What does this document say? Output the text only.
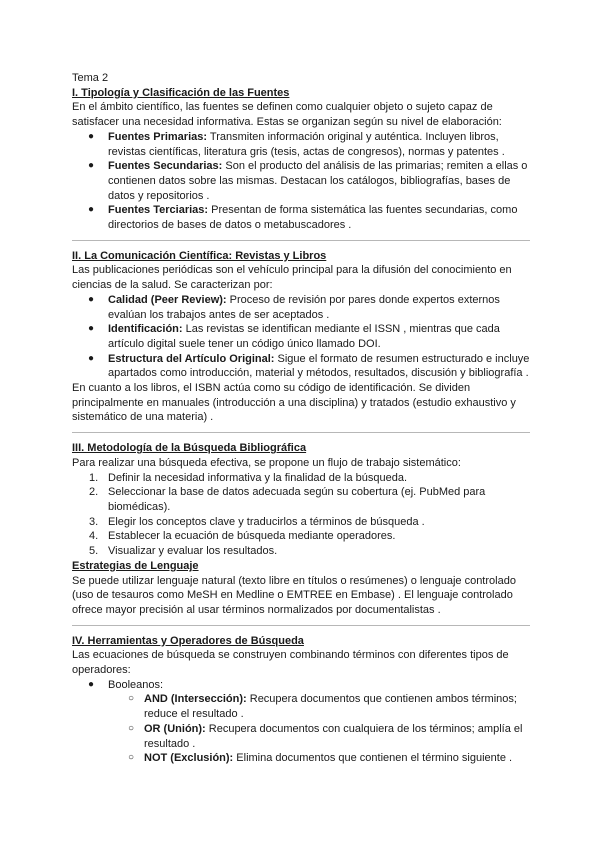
Tema 2

I. Tipología y Clasificación de las Fuentes

En el ámbito científico, las fuentes se definen como cualquier objeto o sujeto capaz de satisfacer una necesidad informativa. Estas se organizan según su nivel de elaboración:

● Fuentes Primarias: Transmiten información original y auténtica. Incluyen libros, revistas científicas, literatura gris (tesis, actas de congresos), normas y patentes .
● Fuentes Secundarias: Son el producto del análisis de las primarias; remiten a ellas o contienen datos sobre las mismas. Destacan los catálogos, bibliografías, bases de datos y repositorios .
● Fuentes Terciarias: Presentan de forma sistemática las fuentes secundarias, como directorios de bases de datos o metabuscadores .
II. La Comunicación Científica: Revistas y Libros

Las publicaciones periódicas son el vehículo principal para la difusión del conocimiento en ciencias de la salud. Se caracterizan por:

● Calidad (Peer Review): Proceso de revisión por pares donde expertos externos evalúan los trabajos antes de ser aceptados .
● Identificación: Las revistas se identifican mediante el ISSN , mientras que cada artículo digital suele tener un código único llamado DOI.
● Estructura del Artículo Original: Sigue el formato de resumen estructurado e incluye apartados como introducción, material y métodos, resultados, discusión y bibliografía .

En cuanto a los libros, el ISBN actúa como su código de identificación. Se dividen principalmente en manuales (introducción a una disciplina) y tratados (estudio exhaustivo y sistemático de una materia) .

III. Metodología de la Búsqueda Bibliográfica

Para realizar una búsqueda efectiva, se propone un flujo de trabajo sistemático:

1. Definir la necesidad informativa y la finalidad de la búsqueda.
2. Seleccionar la base de datos adecuada según su cobertura (ej. PubMed para biomédicas).
3. Elegir los conceptos clave y traducirlos a términos de búsqueda .
4. Establecer la ecuación de búsqueda mediante operadores.
5. Visualizar y evaluar los resultados.

Estrategias de Lenguaje

Se puede utilizar lenguaje natural (texto libre en títulos o resúmenes) o lenguaje controlado (uso de tesauros como MeSH en Medline o EMTREE en Embase) . El lenguaje controlado ofrece mayor precisión al usar términos normalizados por documentalistas .

IV. Herramientas y Operadores de Búsqueda

Las ecuaciones de búsqueda se construyen combinando términos con diferentes tipos de operadores:

● Booleanos:
○ AND (Intersección): Recupera documentos que contienen ambos términos; reduce el resultado .
○ OR (Unión): Recupera documentos con cualquiera de los términos; amplía el resultado .
○ NOT (Exclusión): Elimina documentos que contienen el término siguiente .
